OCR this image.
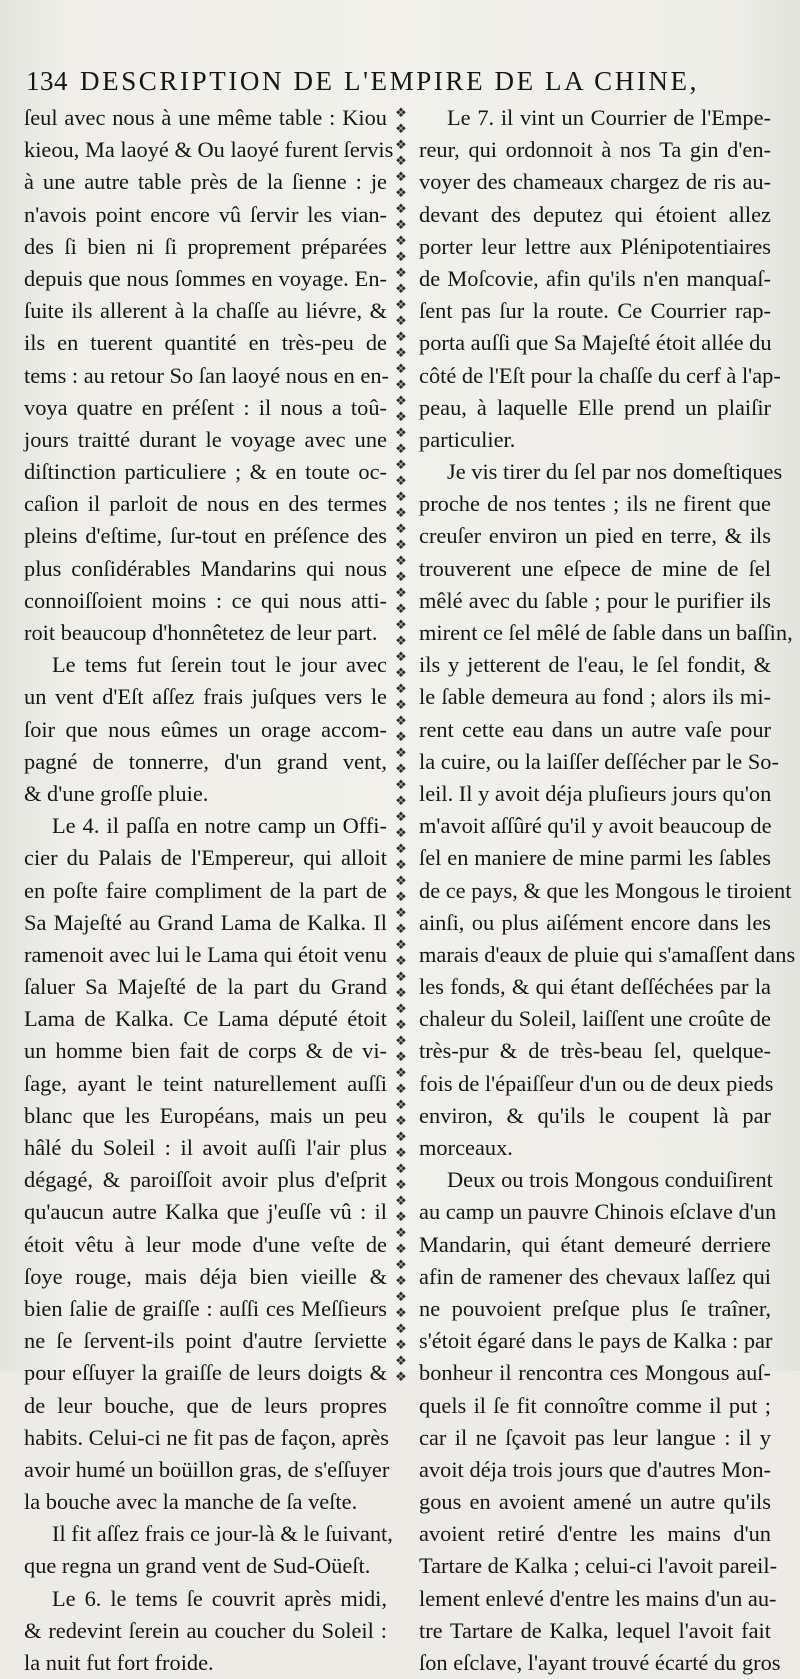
134 DESCRIPTION DE L'EMPIRE DE LA CHINE,
ſeul avec nous à une même table : Kiou
kieou, Ma laoyé & Ou laoyé furent ſervis
à une autre table près de la ſienne : je
n'avois point encore vû ſervir les vian-
des ſi bien ni ſi proprement préparées
depuis que nous ſommes en voyage. En-
ſuite ils allerent à la chaſſe au liévre, &
ils en tuerent quantité en très-peu de
tems : au retour So ſan laoyé nous en en-
voya quatre en préſent : il nous a toû-
jours traitté durant le voyage avec une
diſtinction particuliere ; & en toute oc-
caſion il parloit de nous en des termes
pleins d'eſtime, ſur-tout en préſence des
plus conſidérables Mandarins qui nous
connoiſſoient moins : ce qui nous atti-
roit beaucoup d'honnêtetez de leur part.
Le tems fut ſerein tout le jour avec
un vent d'Eſt aſſez frais juſques vers le
ſoir que nous eûmes un orage accom-
pagné de tonnerre, d'un grand vent,
& d'une groſſe pluie.
Le 4. il paſſa en notre camp un Offi-
cier du Palais de l'Empereur, qui alloit
en poſte faire compliment de la part de
Sa Majeſté au Grand Lama de Kalka. Il
ramenoit avec lui le Lama qui étoit venu
ſaluer Sa Majeſté de la part du Grand
Lama de Kalka. Ce Lama député étoit
un homme bien fait de corps & de vi-
ſage, ayant le teint naturellement auſſi
blanc que les Européans, mais un peu
hâlé du Soleil : il avoit auſſi l'air plus
dégagé, & paroiſſoit avoir plus d'eſprit
qu'aucun autre Kalka que j'euſſe vû : il
étoit vêtu à leur mode d'une veſte de
ſoye rouge, mais déja bien vieille &
bien ſalie de graiſſe : auſſi ces Meſſieurs
ne ſe ſervent-ils point d'autre ſerviette
pour eſſuyer la graiſſe de leurs doigts &
de leur bouche, que de leurs propres
habits. Celui-ci ne fit pas de façon, après
avoir humé un boüillon gras, de s'eſſuyer
la bouche avec la manche de ſa veſte.
Il fit aſſez frais ce jour-là & le ſuivant,
que regna un grand vent de Sud-Oüeſt.
Le 6. le tems ſe couvrit après midi,
& redevint ſerein au coucher du Soleil :
la nuit fut fort froide.
❖
❖
❖
❖
❖
❖
❖
❖
❖
❖
❖
❖
❖
❖
❖
❖
❖
❖
❖
❖
❖
❖
❖
❖
❖
❖
❖
❖
❖
❖
❖
❖
❖
❖
❖
❖
❖
❖
❖
❖
❖
❖
❖
❖
❖
❖
❖
❖
❖
❖
❖
❖
❖
❖
❖
❖
❖
❖
❖
❖
❖
❖
❖
❖
❖
❖
❖
❖
❖
❖
❖
❖
❖
❖
❖
❖
❖
❖
❖
❖
Le 7. il vint un Courrier de l'Empe-
reur, qui ordonnoit à nos Ta gin d'en-
voyer des chameaux chargez de ris au-
devant des deputez qui étoient allez
porter leur lettre aux Plénipotentiaires
de Moſcovie, afin qu'ils n'en manquaſ-
ſent pas ſur la route. Ce Courrier rap-
porta auſſi que Sa Majeſté étoit allée du
côté de l'Eſt pour la chaſſe du cerf à l'ap-
peau, à laquelle Elle prend un plaiſir
particulier.
Je vis tirer du ſel par nos domeſtiques
proche de nos tentes ; ils ne firent que
creuſer environ un pied en terre, & ils
trouverent une eſpece de mine de ſel
mêlé avec du ſable ; pour le purifier ils
mirent ce ſel mêlé de ſable dans un baſſin,
ils y jetterent de l'eau, le ſel fondit, &
le ſable demeura au fond ; alors ils mi-
rent cette eau dans un autre vaſe pour
la cuire, ou la laiſſer deſſécher par le So-
leil. Il y avoit déja pluſieurs jours qu'on
m'avoit aſſûré qu'il y avoit beaucoup de
ſel en maniere de mine parmi les ſables
de ce pays, & que les Mongous le tiroient
ainſi, ou plus aiſément encore dans les
marais d'eaux de pluie qui s'amaſſent dans
les fonds, & qui étant deſſéchées par la
chaleur du Soleil, laiſſent une croûte de
très-pur & de très-beau ſel, quelque-
fois de l'épaiſſeur d'un ou de deux pieds
environ, & qu'ils le coupent là par
morceaux.
Deux ou trois Mongous conduiſirent
au camp un pauvre Chinois eſclave d'un
Mandarin, qui étant demeuré derriere
afin de ramener des chevaux laſſez qui
ne pouvoient preſque plus ſe traîner,
s'étoit égaré dans le pays de Kalka : par
bonheur il rencontra ces Mongous auſ-
quels il ſe fit connoître comme il put ;
car il ne ſçavoit pas leur langue : il y
avoit déja trois jours que d'autres Mon-
gous en avoient amené un autre qu'ils
avoient retiré d'entre les mains d'un
Tartare de Kalka ; celui-ci l'avoit pareil-
lement enlevé d'entre les mains d'un au-
tre Tartare de Kalka, lequel l'avoit fait
ſon eſclave, l'ayant trouvé écarté du gros
